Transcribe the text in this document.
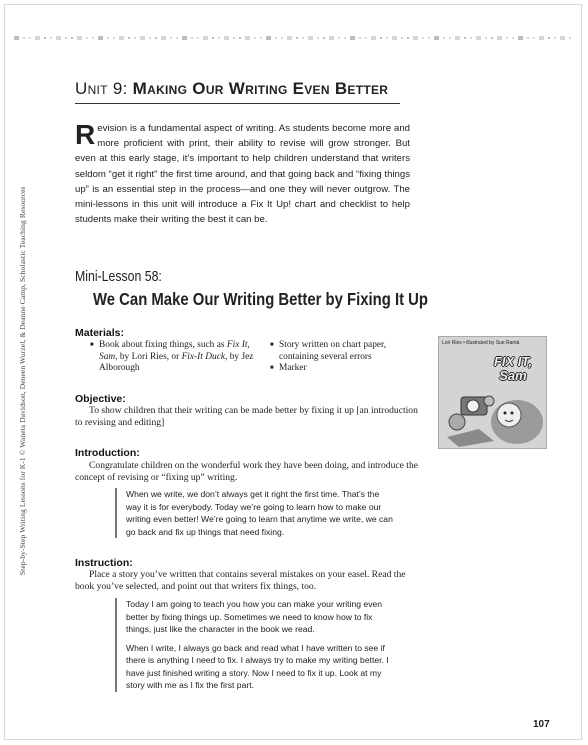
Step-by-Step Writing Lessons for K-1 © Waneta Davidson, Deneen Wurzel, & Deanne Camp, Scholastic Teaching Resources
Unit 9: Making Our Writing Even Better
Revision is a fundamental aspect of writing. As students become more and more proficient with print, their ability to revise will grow stronger. But even at this early stage, it’s important to help children understand that writers seldom “get it right” the first time around, and that going back and “fixing things up” is an essential step in the process—and one they will never outgrow. The mini-lessons in this unit will introduce a Fix It Up! chart and checklist to help students make their writing the best it can be.
Mini-Lesson 58:
We Can Make Our Writing Better by Fixing It Up
Materials:
■ Book about fixing things, such as Fix It, Sam, by Lori Ries, or Fix-It Duck, by Jez Alborough
■ Story written on chart paper, containing several errors
■ Marker
Lori Ries • illustrated by Sue Ramá
FIX IT,
Sam
Objective:
To show children that their writing can be made better by fixing it up [an introduction to revising and editing]
Introduction:
Congratulate children on the wonderful work they have been doing, and introduce the concept of revising or “fixing up” writing.

When we write, we don’t always get it right the first time. That’s the way it is for everybody. Today we’re going to learn how to make our writing even better! We’re going to learn that anytime we write, we can go back and fix up things that need fixing.

Instruction:
Place a story you’ve written that contains several mistakes on your easel. Read the book you’ve selected, and point out that writers fix things, too.

Today I am going to teach you how you can make your writing even better by fixing things up. Sometimes we need to know how to fix things, just like the character in the book we read.

When I write, I always go back and read what I have written to see if there is anything I need to fix. I always try to make my writing better. I have just finished writing a story. Now I need to fix it up. Look at my story with me as I fix the first part.

107
